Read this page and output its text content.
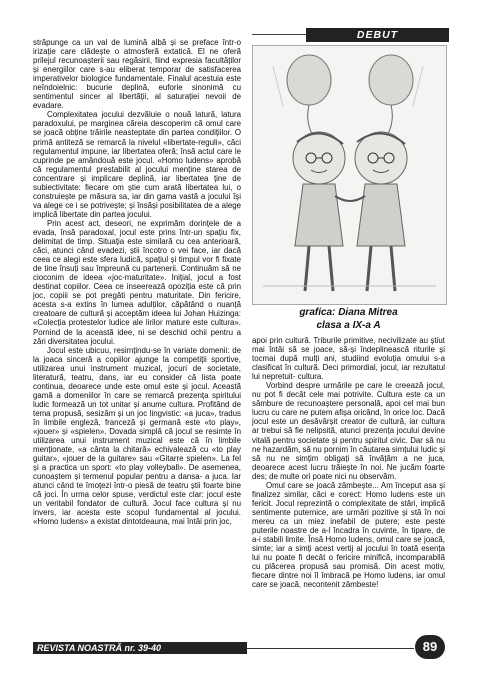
DEBUT

străpunge ca un val de lumină albă și se preface într-o irizație care clădește o atmosferă extatică. El ne oferă prilejul recunoașterii sau regăsirii, fiind expresia facultăților și energiilor care s-au eliberat temporar de satisfacerea imperativelor biologice fundamentale. Finalul acestuia este neîndoielnic: bucurie deplină, euforie sinonimă cu sentimentul sincer al libertății, al saturației nevoii de evadare.

Complexitatea jocului dezvăluie o nouă latură, latura paradoxului, pe marginea căreia descoperim că omul care se joacă obține trăirile neasteptate din partea condițiilor. O primă antiteză se remarcă la nivelul «libertate-reguli», căci regulamentul impune, iar libertatea oferă; însă actul care le cuprinde pe amândouă este jocul. «Homo ludens» aprobă că regulamentul prestabilit al jocului menține starea de concentrare și implicare deplină, iar libertatea ține de subiectivitate: fiecare om știe cum arată libertatea lui, o construiește pe măsura sa, iar din gama vastă a jocului își va alege ce i se potrivește; și însăși posibilitatea de a alege implică libertate din partea jocului.

Prin acest act, deseori, ne exprimăm dorințele de a evada, însă paradoxal, jocul este prins într-un spațiu fix, delimitat de timp. Situația este similară cu cea anterioară, căci, atunci când evadezi, știi încotro o vei face, iar dacă ceea ce alegi este sfera ludică, spațiul și timpul vor fi fixate de tine însuți sau împreună cu partenerii. Continuăm să ne cioconim de ideea «joc-maturitate». Inițial, jocul a fost destinat copiilor. Ceea ce inseerează opoziția este că prin joc, copiii se pot pregăti pentru maturitate. Din fericire, acesta s-a extins în lumea adulților, căpătând o nuanță creatoare de cultură și acceptăm ideea lui Johan Huizinga: «Colecția protestelor ludice ale lirilor mature este cultura». Pornind de la această idee, ni se deschid ochii pentru a zări diversitatea jocului.

Jocul este ubicuu, resimțindu-se în variate domenii: de la joaca sinceră a copiilor ajunge la competiții sportive, utilizarea unui instrument muzical, jocuri de societate, literatură, teatru, dans, iar eu consider că lista poate continua, deoarece unde este omul este și jocul. Această gamă a domeniilor în care se remarcă prezența spiritului ludic formează un tot unitar și anume cultura. Profitând de tema propusă, sesizăm și un joc lingvistic: «a juca», tradus în limbile engleză, franceză și germană este «to play», «jouer» și «spielen». Dovada simplă că jocul se resimte în utilizarea unui instrument muzical este că în limbile menționate, «a cânta la chitară» echivalează cu «to play guitar», «jouer de la guitare» sau «Gitarre spielen». La fel și a practica un sport: «to play volleyball». De asemenea, cunoaștem și termenul popular pentru a dansa- a juca. Iar atunci când te îmoțezi într-o piesă de teatru știi foarte bine că joci. În urma celor spuse, verdictul este clar: jocul este un veritabil fondator de cultură. Jocul face cultura și nu invers, iar acesta este scopul fundamental al jocului. «Homo ludens» a existat dintotdeauna, mai întâi prin joc,

grafica: Diana Mitrea
clasa a IX-a A

apoi prin cultură. Triburile primitive, necivilizate au știut mai întâi să se joace, să-și îndeplinească riturile și tocmai după mulți ani, studiind evoluția omului s-a clasificat în cultură. Deci primordial, jocul, iar rezultatul lui nepretuit- cultura.

Vorbind despre urmările pe care le creează jocul, nu pot fi decât cele mai potrivite. Cultura este ca un sâmbure de recunoaștere personală, apoi cel mai bun lucru cu care ne putem afișa oricând, în orice loc. Dacă jocul este un desăvârșit creator de cultură, iar cultura ar trebui să fie nelipsită, atunci prezența jocului devine vitală pentru societate și pentru spiritul civic. Dar să nu ne hazardăm, să nu pornim în căutarea simțului ludic și să nu ne simțim obligați să învățăm a ne juca, deoarece acest lucru trăiește în noi. Ne jucăm foarte des; de multe ori poate nici nu observăm.

Omul care se joacă zâmbește... Am început asa și finalizez similar, căci e corect: Homo ludens este un fericit. Jocul reprezintă o complexitate de stări, implică sentimente puternice, are urmări pozitive și stă în noi mereu ca un miez inefabil de putere; este peste puterile noastre de a-l încadra în cuvinte, în tipare, de a-i stabili limite. Însă Homo ludens, omul care se joacă, simte; iar a simți acest vertij al jocului în toată esența lui nu poate fi decât o fericire minifică, incomparabilă cu plăcerea propusă sau promisă. Din acest motiv, fiecare dintre noi îl îmbracă pe Homo ludens, iar omul care se joacă, necontenit zâmbeste!

REVISTA NOASTRĂ nr. 39-40	89
